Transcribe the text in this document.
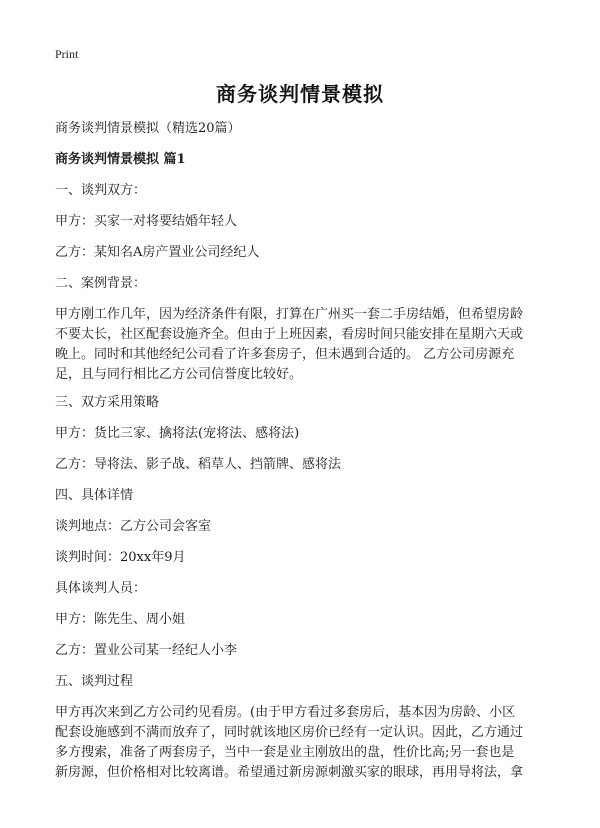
Print
商务谈判情景模拟
商务谈判情景模拟（精选20篇）
商务谈判情景模拟 篇1
一、谈判双方：
甲方：买家一对将要结婚年轻人
乙方：某知名A房产置业公司经纪人
二、案例背景：
甲方刚工作几年，因为经济条件有限，打算在广州买一套二手房结婚，但希望房龄
不要太长，社区配套设施齐全。但由于上班因素，看房时间只能安排在星期六天或
晚上。同时和其他经纪公司看了许多套房子，但未遇到合适的。 乙方公司房源充
足，且与同行相比乙方公司信誉度比较好。
三、双方采用策略
甲方：货比三家、擒将法(宠将法、感将法)
乙方：导将法、影子战、稻草人、挡箭牌、感将法
四、具体详情
谈判地点：乙方公司会客室
谈判时间：20xx年9月
具体谈判人员：
甲方：陈先生、周小姐
乙方：置业公司某一经纪人小李
五、谈判过程
甲方再次来到乙方公司约见看房。(由于甲方看过多套房后，基本因为房龄、小区
配套设施感到不满而放弃了，同时就该地区房价已经有一定认识。因此，乙方通过
多方搜索，准备了两套房子，当中一套是业主刚放出的盘，性价比高;另一套也是
新房源，但价格相对比较离谱。希望通过新房源刺激买家的眼球，再用导将法，拿
